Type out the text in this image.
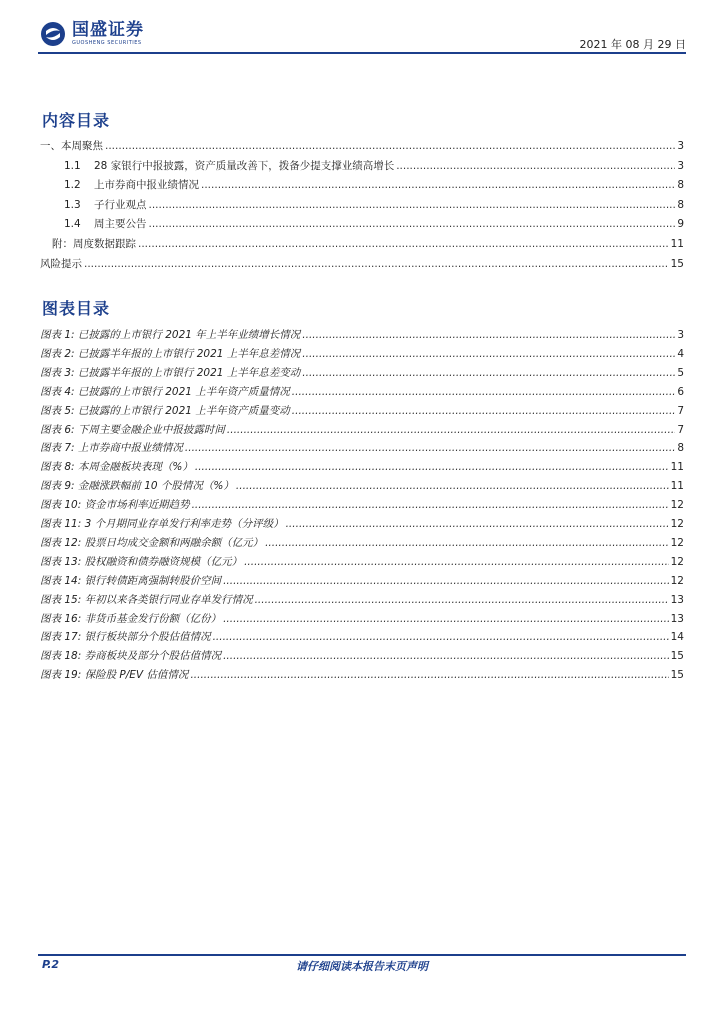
国盛证券
GUOSHENG SECURITIES	2021 年 08 月 29 日
内容目录
一、本周聚焦 .....	3
1.1 28 家银行中报披露，资产质量改善下，拨备少提支撑业绩高增长 .....	3
1.2 上市券商中报业绩情况 .....	8
1.3 子行业观点 .....	8
1.4 周主要公告 .....	9
附：周度数据跟踪 .....	11
风险提示 .....	15
图表目录
图表 1: 已披露的上市银行 2021 年上半年业绩增长情况 .....	3
图表 2: 已披露半年报的上市银行 2021 上半年息差情况 .....	4
图表 3: 已披露半年报的上市银行 2021 上半年息差变动 .....	5
图表 4: 已披露的上市银行 2021 上半年资产质量情况 .....	6
图表 5: 已披露的上市银行 2021 上半年资产质量变动 .....	7
图表 6: 下周主要金融企业中报披露时间 .....	7
图表 7: 上市券商中报业绩情况 .....	8
图表 8: 本周金融板块表现（%） .....	11
图表 9: 金融涨跌幅前 10 个股情况（%） .....	11
图表 10: 资金市场利率近期趋势 .....	12
图表 11: 3 个月期同业存单发行利率走势（分评级） .....	12
图表 12: 股票日均成交金额和两融余额（亿元） .....	12
图表 13: 股权融资和债券融资规模（亿元） .....	12
图表 14: 银行转债距离强制转股价空间 .....	12
图表 15: 年初以来各类银行同业存单发行情况 .....	13
图表 16: 非货币基金发行份额（亿份） .....	13
图表 17: 银行板块部分个股估值情况 .....	14
图表 18: 券商板块及部分个股估值情况 .....	15
图表 19: 保险股 P/EV 估值情况 .....	15
P.2	请仔细阅读本报告末页声明
